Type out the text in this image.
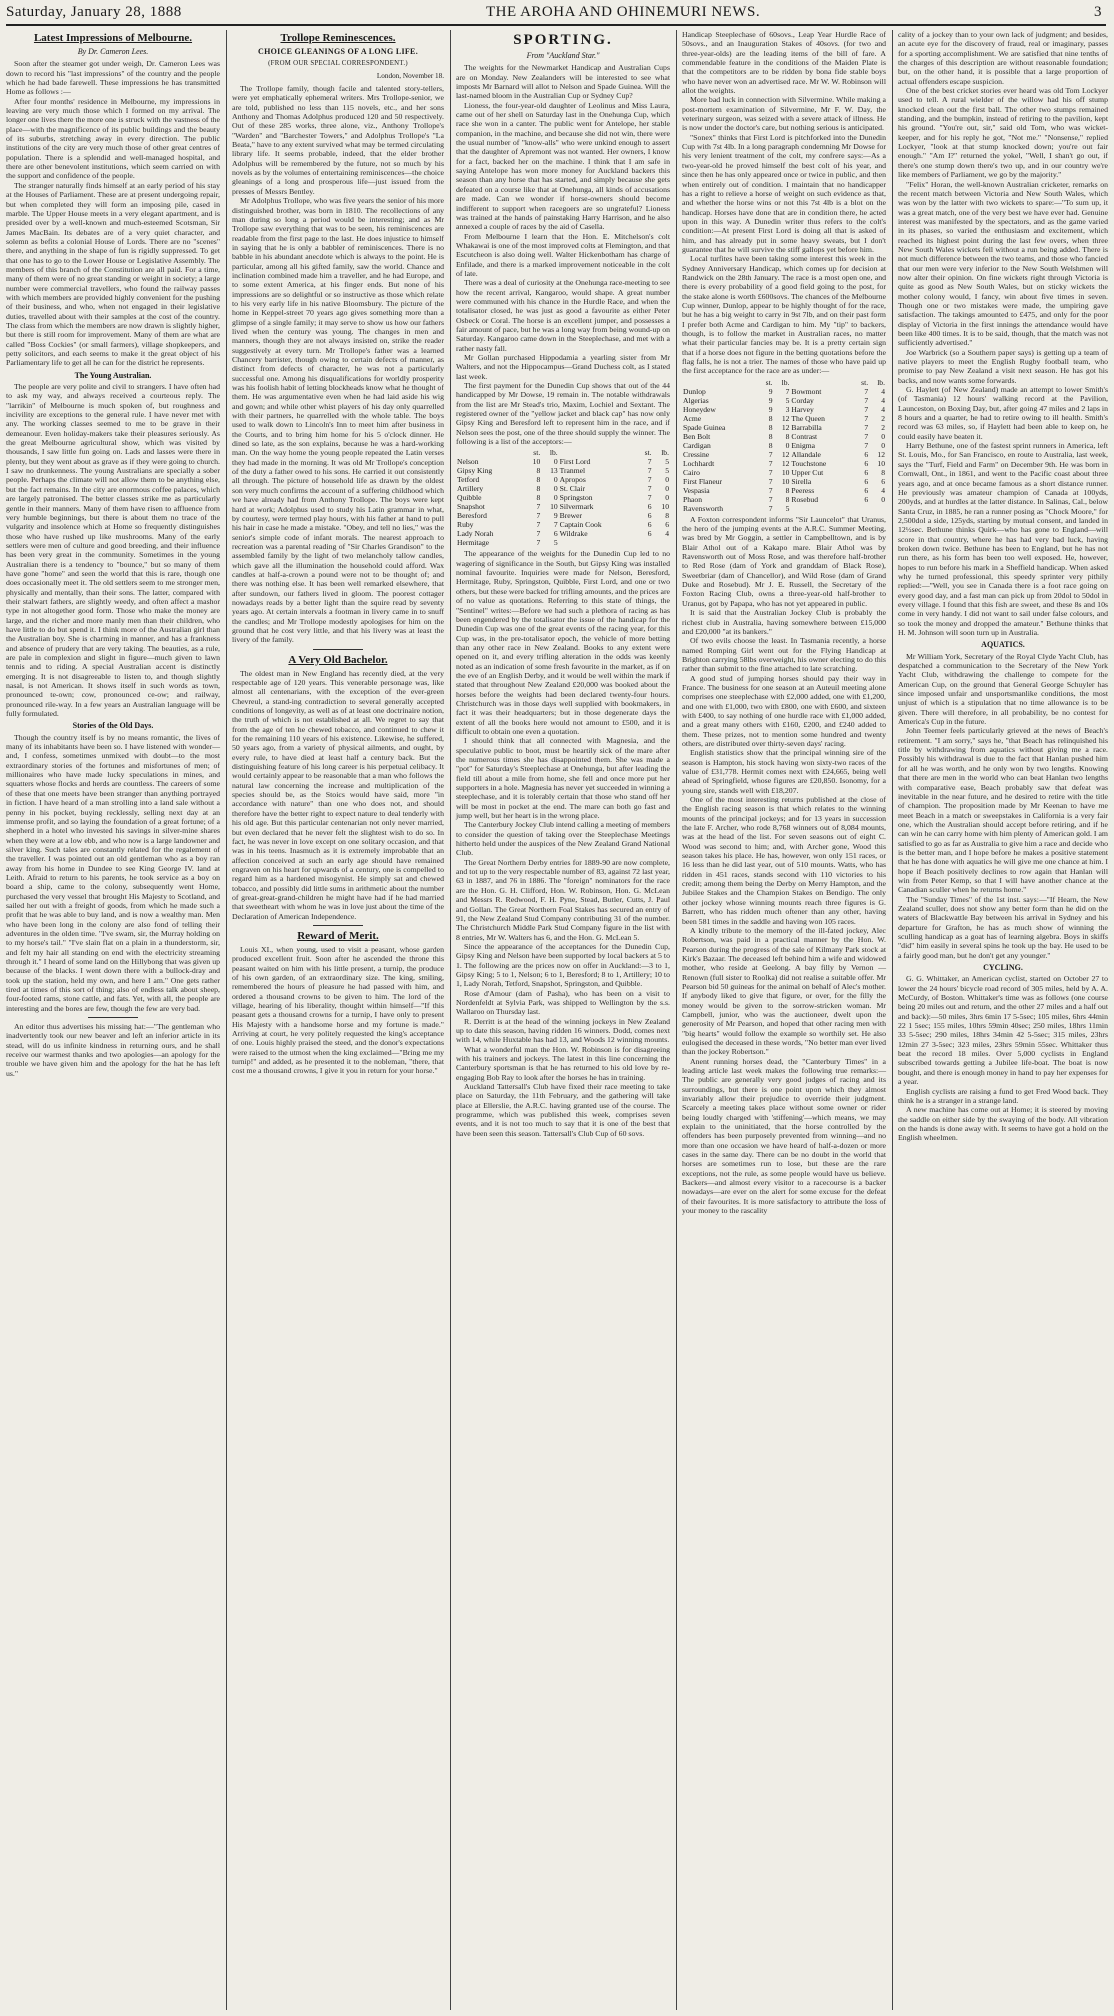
Saturday, January 28, 1888	THE AROHA AND OHINEMURI NEWS.	3
Latest Impressions of Melbourne.
By Dr. Cameron Lees.

Soon after the steamer got under weigh, Dr. Cameron Lees was down to record his "last impressions" of the country and the people which he had bade farewell. These impressions he has transmitted Home as follows :—

After four months' residence in Melbourne, my impressions in leaving are very much those which I formed on my arrival. The longer one lives there the more one is struck with the vastness of the place—with the magnificence of its public buildings and the beauty of its suburbs, stretching away in every direction. The public institutions of the city are very much those of other great centres of population. There is a splendid and well-managed hospital, and there are other benevolent institutions, which seem carried on with the support and confidence of the people.

The stranger naturally finds himself at an early period of his stay at the Houses of Parliament. These are at present undergoing repair, but when completed they will form an imposing pile, cased in marble. The Upper House meets in a very elegant apartment, and is presided over by a well-known and much-esteemed Scotsman, Sir James MacBain. Its debates are of a very quiet character, and solemn as befits a colonial House of Lords. There are no "scenes" there, and anything in the shape of fun is rigidly suppressed. To get that one has to go to the Lower House or Legislative Assembly. The members of this branch of the Constitution are all paid. For a time, many of them were of no great standing or weight in society; a large number were commercial travellers, who found the railway passes with which members are provided highly convenient for the pushing of their business, and who, when not engaged in their legislative duties, travelled about with their samples at the cost of the country. The class from which the members are now drawn is slightly higher, but there is still room for improvement. Many of them are what are called "Boss Cockies" (or small farmers), village shopkeepers, and petty solicitors, and each seems to make it the great object of his Parliamentary life to get all he can for the district he represents.

The Young Australian.

The people are very polite and civil to strangers. I have often had to ask my way, and always received a courteous reply. The "larrikin" of Melbourne is much spoken of, but roughness and incivility are exceptions to the general rule. I have never met with any. The working classes seemed to me to be grave in their demeanour. Even holiday-makers take their pleasures seriously. As the great Melbourne agricultural show, which was visited by thousands, I saw little fun going on. Lads and lasses were there in plenty, but they went about as grave as if they were going to church. I saw no drunkenness. The young Australians are specially a sober people. Perhaps the climate will not allow them to be anything else, but the fact remains. In the city are enormous coffee palaces, which are largely patronised. The better classes strike me as particularly gentle in their manners. Many of them have risen to affluence from very humble beginnings, but there is about them no trace of the vulgarity and insolence which at Home so frequently distinguishes those who have rushed up like mushrooms. Many of the early settlers were men of culture and good breeding, and their influence has been very great in the community. Sometimes in the young Australian there is a tendency to "bounce," but so many of them have gone "home" and seen the world that this is rare, though one does occasionally meet it. The old settlers seem to me stronger men, physically and mentally, than their sons. The latter, compared with their stalwart fathers, are slightly weedy, and often affect a mashor type in not altogether good form. Those who make the money are large, and the richer and more manly men than their children, who have little to do but spend it. I think more of the Australian girl than the Australian boy. She is charming in manner, and has a frankness and absence of prudery that are very taking. The beauties, as a rule, are pale in complexion and slight in figure—much given to lawn tennis and to riding. A special Australian accent is distinctly emerging. It is not disagreeable to listen to, and though slightly nasal, is not American. It shows itself in such words as town, pronounced te-own; cow, pronounced ce-ow; and railway, pronounced rile-way. In a few years an Australian language will be fully formulated.

Stories of the Old Days.

Though the country itself is by no means romantic, the lives of many of its inhabitants have been so. I have listened with wonder—and, I confess, sometimes unmixed with doubt—to the most extraordinary stories of the fortunes and misfortunes of men; of millionaires who have made lucky speculations in mines, and squatters whose flocks and herds are countless. The careers of some of these that one meets have been stranger than anything portrayed in fiction. I have heard of a man strolling into a land sale without a penny in his pocket, buying recklessly, selling next day at an immense profit, and so laying the foundation of a great fortune; of a shepherd in a hotel who invested his savings in silver-mine shares when they were at a low ebb, and who now is a large landowner and silver king. Such tales are constantly related for the regalement of the traveller. I was pointed out an old gentleman who as a boy ran away from his home in Dundee to see King George IV. land at Leith. Afraid to return to his parents, he took service as a boy on board a ship, came to the colony, subsequently went Home, purchased the very vessel that brought His Majesty to Scotland, and sailed her out with a freight of goods, from which he made such a profit that he was able to buy land, and is now a wealthy man. Men who have been long in the colony are also fond of telling their adventures in the olden time. "I've swam, sir, the Murray holding on to my horse's tail." "I've slain flat on a plain in a thunderstorm, sir, and felt my hair all standing on end with the electricity streaming through it." I heard of some land on the Hillybong that was given up because of the blacks. I went down there with a bullock-dray and took up the station, held my own, and here I am." One gets rather tired at times of this sort of thing; also of endless talk about sheep, four-footed rams, stone cattle, and fats. Yet, with all, the people are interesting and the bores are few, though the few are very bad.

An editor thus advertises his missing hat:—"The gentleman who inadvertently took our new beaver and left an inferior article in its stead, will do us infinite kindness in returning ours, and he shall receive our warmest thanks and two apologies—an apology for the trouble we have given him and the apology for the hat he has left us."

Trollope Reminescences.
CHOICE GLEANINGS OF A LONG LIFE.
(FROM OUR SPECIAL CORRESPONDENT.)
London, November 18.

The Trollope family, though facile and talented story-tellers, were yet emphatically ephemeral writers. Mrs Trollope-senior, we are told, published no less than 115 novels, etc., and her sons Anthony and Thomas Adolphus produced 120 and 50 respectively. Out of these 285 works, three alone, viz., Anthony Trollope's "Warden" and "Barchester Towers," and Adolphus Trollope's "La Beata," have to any extent survived what may be termed circulating library life. It seems probable, indeed, that the elder brother Adolphus will be remembered by the future, not so much by his novels as by the volumes of entertaining reminiscences—the choice gleanings of a long and prosperous life—just issued from the presses of Messrs Bentley.

Mr Adolphus Trollope, who was five years the senior of his more distinguished brother, was born in 1810. The recollections of any man during so long a period would be interesting; and as Mr Trollope saw everything that was to be seen, his reminiscences are readable from the first page to the last. He does injustice to himself in saying that he is only a babbler of reminiscences. There is no babble in his abundant anecdote which is always to the point. He is particular, among all his gifted family, saw the world. Chance and inclination combined made him a traveller, and he had Europe, and to some extent America, at his finger ends. But none of his impressions are so delightful or so instructive as those which relate to his very early life in his native Bloomsbury. The picture of the home in Keppel-street 70 years ago gives something more than a glimpse of a single family; it may serve to show us how our fathers lived when the century was young. The changes in men and manners, though they are not always insisted on, strike the reader suggestively at every turn. Mr Trollope's father was a learned Chancery barrister, though owing to certain defects of manner, as distinct from defects of character, he was not a particularly successful one. Among his disqualifications for worldly prosperity was his foolish habit of letting blockheads know what he thought of them. He was argumentative even when he had laid aside his wig and gown; and while other whist players of his day only quarrelled with their partners, he quarrelled with the whole table. The boys used to walk down to Lincoln's Inn to meet him after business in the Courts, and to bring him home for his 5 o'clock dinner. He dined so late, as the son explains, because he was a hard-working man. On the way home the young people repeated the Latin verses they had made in the morning. It was old Mr Trollope's conception of the duty a father owed to his sons. He carried it out consistently all through. The picture of household life as drawn by the oldest son very much confirms the account of a suffering childhood which we have already had from Anthony Trollope. The boys were kept hard at work; Adolphus used to study his Latin grammar in what, by courtesy, were termed play hours, with his father at hand to pull his hair in case he made a mistake. "Obey, and tell no lies," was the senior's simple code of infant morals. The nearest approach to recreation was a parental reading of "Sir Charles Grandison" to the assembled family by the light of two melancholy tallow candles, which gave all the illumination the household could afford. Wax candles at half-a-crown a pound were not to be thought of; and there was nothing else. It has been well remarked elsewhere, that after sundown, our fathers lived in gloom. The poorest cottager nowadays reads by a better light than the squire read by seventy years ago. At certain intervals a footman in livery came in to snuff the candles; and Mr Trollope modestly apologises for him on the ground that he cost very little, and that his livery was at least the livery of the family.

A Very Old Bachelor.

The oldest man in New England has recently died, at the very respectable age of 120 years. This venerable personage was, like almost all centenarians, with the exception of the ever-green Chevreul, a stand-ing contradiction to several generally accepted conditions of longevity, as well as of at least one doctrinaire notion, the truth of which is not established at all. We regret to say that from the age of ten he chewed tobacco, and continued to chew it for the remaining 110 years of his existence. Likewise, he suffered, 50 years ago, from a variety of physical ailments, and ought, by every rule, to have died at least half a century back. But the distinguishing feature of his long career is his perpetual celibacy. It would certainly appear to be reasonable that a man who follows the natural law concerning the increase and multiplication of the species should be, as the Stoics would have said, more "in accordance with nature" than one who does not, and should therefore have the better right to expect nature to deal tenderly with his old age. But this particular centenarian not only never married, but even declared that he never felt the slightest wish to do so. In fact, he was never in love except on one solitary occasion, and that was in his teens. Inasmuch as it is extremely improbable that an affection conceived at such an early age should have remained engraven on his heart for upwards of a century, one is compelled to regard him as a hardened misogynist. He simply sat and chewed tobacco, and possibly did little sums in arithmetic about the number of great-great-grand-children he might have had if he had married that sweetheart with whom he was in love just about the time of the Declaration of American Independence.

Reward of Merit.

Louis XI., when young, used to visit a peasant, whose garden produced excellent fruit. Soon after he ascended the throne this peasant waited on him with his little present, a turnip, the produce of his own garden, of an extraordinary size. The king, smiling, remembered the hours of pleasure he had passed with him, and ordered a thousand crowns to be given to him. The lord of the village, hearing of his liberality, thought within himself—"If this peasant gets a thousand crowns for a turnip, I have only to present His Majesty with a handsome horse and my fortune is made." Arriving at court, he very politely requested the king's acceptance of one. Louis highly praised the steed, and the donor's expectations were raised to the utmost when the king exclaimed—"Bring me my turnip!" and added, as he presented it to the nobleman, "there, that cost me a thousand crowns, I give it you in return for your horse."

SPORTING.
From "Auckland Star."

The weights for the Newmarket Handicap and Australian Cups are on Monday. New Zealanders will be interested to see what imposts Mr Barnard will allot to Nelson and Spade Guinea. Will the last-named bloom in the Australian Cup or Sydney Cup?

Lioness, the four-year-old daughter of Leolinus and Miss Laura, came out of her shell on Saturday last in the Onehunga Cup, which race she won in a canter. The public went for Antelope, her stable companion, in the machine, and because she did not win, there were the usual number of "know-alls" who were unkind enough to assert that the daughter of Apremont was not wanted. Her owners, I know for a fact, backed her on the machine. I think that I am safe in saying Antelope has won more money for Auckland backers this season than any horse that has started, and simply because she gets defeated on a course like that at Onehunga, all kinds of accusations are made. Can we wonder if horse-owners should become indifferent to support when racegoers are so ungrateful? Lioness was trained at the hands of painstaking Harry Harrison, and he also annexed a couple of races by the aid of Casella.

From Melbourne I learn that the Hon. E. Mitchelson's colt Whakawai is one of the most improved colts at Flemington, and that Escutcheon is also doing well. Walter Hickenbotham has charge of Enfilade, and there is a marked improvement noticeable in the colt of late.

There was a deal of curiosity at the Onehunga race-meeting to see how the recent arrival, Kangaroo, would shape. A great number were communed with his chance in the Hurdle Race, and when the totalisator closed, he was just as good a favourite as either Peter Osbeck or Coral. The horse is an excellent jumper, and possesses a fair amount of pace, but he was a long way from being wound-up on Saturday. Kangaroo came down in the Steeplechase, and met with a rather nasty fall.

Mr Gollan purchased Hippodamia a yearling sister from Mr Walters, and not the Hippocampus—Grand Duchess colt, as I stated last week.

The first payment for the Dunedin Cup shows that out of the 44 handicapped by Mr Dowse, 19 remain in. The notable withdrawals from the list are Mr Stead's trio, Maxim, Lochiel and Sextant. The registered owner of the "yellow jacket and black cap" has now only Gipsy King and Beresford left to represent him in the race, and if Nelson sees the post, one of the three should supply the winner. The following is a list of the acceptors:—

	st.	lb.		st.	lb.
Nelson	10	0	First Lord	7	5
Gipsy King	8	13	Tranmel	7	5
Tetford	8	0	Apropos	7	0
Artillery	8	0	St. Clair	7	0
Quibble	8	0	Springston	7	0
Snapshot	7	10	Silvermark	6	10
Beresford	7	9	Brewer	6	8
Ruby	7	7	Captain Cook	6	6
Lady Norah	7	6	Wildrake	6	4
Hermitage	7	5			

The appearance of the weights for the Dunedin Cup led to no wagering of significance in the South, but Gipsy King was installed nominal favourite. Inquiries were made for Nelson, Beresford, Hermitage, Ruby, Springston, Quibble, First Lord, and one or two others, but these were backed for trifling amounts, and the prices are of no value as quotations. Referring to this state of things, the "Sentinel" writes:—Before we had such a plethora of racing as has been engendered by the totalisator the issue of the handicap for the Dunedin Cup was one of the great events of the racing year, for this Cup was, in the pre-totalisator epoch, the vehicle of more betting than any other race in New Zealand. Books to any extent were opened on it, and every trifling alteration in the odds was keenly noted as an indication of some fresh favourite in the market, as if on the eve of an English Derby, and it would be well within the mark if stated that throughout New Zealand £20,000 was booked about the horses before the weights had been declared twenty-four hours. Christchurch was in those days well supplied with bookmakers, in fact it was their headquarters; but in those degenerate days the extent of all the books here would not amount to £500, and it is difficult to obtain one even a quotation.

I should think that all connected with Magnesia, and the speculative public to boot, must be heartily sick of the mare after the numerous times she has disappointed them. She was made a "pot" for Saturday's Steeplechase at Onehunga, but after leading the field till about a mile from home, she fell and once more put her supporters in a hole. Magnesia has never yet succeeded in winning a steeplechase, and it is tolerably certain that those who stand off her will be most in pocket at the end. The mare can both go fast and jump well, but her heart is in the wrong place.

The Canterbury Jockey Club intend calling a meeting of members to consider the question of taking over the Steeplechase Meetings hitherto held under the auspices of the New Zealand Grand National Club.

The Great Northern Derby entries for 1889-90 are now complete, and tot up to the very respectable number of 83, against 72 last year, 63 in 1887, and 76 in 1886. The "foreign" nominators for the race are the Hon. G. H. Clifford, Hon. W. Robinson, Hon. G. McLean and Messrs R. Redwood, F. H. Pyne, Stead, Butler, Cutts, J. Paul and Gollan. The Great Northern Foal Stakes has secured an entry of 91, the New Zealand Stud Company contributing 31 of the number. The Christchurch Middle Park Stud Company figure in the list with 8 entries, Mr W. Walters has 6, and the Hon. G. McLean 5.

Since the appearance of the acceptances for the Dunedin Cup, Gipsy King and Nelson have been supported by local backers at 5 to 1. The following are the prices now on offer in Auckland:—3 to 1, Gipsy King; 5 to 1, Nelson; 6 to 1, Beresford; 8 to 1, Artillery; 10 to 1, Lady Norah, Tetford, Snapshot, Springston, and Quibble.

Rose d'Amour (dam of Pasha), who has been on a visit to Nordenfeldt at Sylvia Park, was shipped to Wellington by the s.s. Wallaroo on Thursday last.

R. Derritt is at the head of the winning jockeys in New Zealand up to date this season, having ridden 16 winners. Dodd, comes next with 14, while Huxtable has had 13, and Woods 12 winning mounts.

What a wonderful man the Hon. W. Robinson is for disagreeing with his trainers and jockeys. The latest in this line concerning the Canterbury sportsman is that he has returned to his old love by re-engaging Bob Ray to look after the horses he has in training.

Auckland Tattersall's Club have fixed their race meeting to take place on Saturday, the 11th February, and the gathering will take place at Ellerslie, the A.R.C. having granted use of the course. The programme, which was published this week, comprises seven events, and it is not too much to say that it is one of the best that have been seen this season. Tattersall's Club Cup of 60 sovs.

Handicap Steeplechase of 60sovs., Leap Year Hurdle Race of 50sovs., and an Inauguration Stakes of 40sovs. (for two and three-year-olds) are the leading items of the bill of fare. A commendable feature in the conditions of the Maiden Plate is that the competitors are to be ridden by bona fide stable boys who have never won an advertised race. Mr W. W. Robinson will allot the weights.

More bad luck in connection with Silvermine. While making a post-mortem examination of Silvermine, Mr F. W. Day, the veterinary surgeon, was seized with a severe attack of illness. He is now under the doctor's care, but nothing serious is anticipated.

"Sonex" thinks that First Lord is pitchforked into the Dunedin Cup with 7st 4lb. In a long paragraph condemning Mr Dowse for his very lenient treatment of the colt, my confrere says:—As a two-year-old he proved himself the best colt of his year, and since then he has only appeared once or twice in public, and then when entirely out of condition. I maintain that no handicapper has a right to relieve a horse of weight on such evidence as that, and whether the horse wins or not this 7st 4lb is a blot on the handicap. Horses have done that are in condition there, he acted upon in this way. A Dunedin writer thus refers to the colt's condition:—At present First Lord is doing all that is asked of him, and has already put in some heavy sweats, but I don't guarantee that he will survive the stiff gallops yet before him.

Local turfites have been taking some interest this week in the Sydney Anniversary Handicap, which comes up for decision at Randwick on the 28th January. The race is a most open one, and there is every probability of a good field going to the post, for the stake alone is worth £600sovs. The chances of the Melbourne Cup winner, Dunlop, appear to be highly thought of for the race, but he has a big weight to carry in 9st 7lb, and on their past form I prefer both Acme and Cardigan to him. My "tip" to backers, though, is to follow the market in Australian races, no matter what their particular fancies may be. It is a pretty certain sign that if a horse does not figure in the betting quotations before the flag falls, he is not a trier. The names of those who have paid up the first acceptance for the race are as under:—

	st.	lb.		st.	lb.
Dunlop	9	7	Bowmont	7	4
Algerias	9	5	Corday	7	4
Honeydew	9	3	Harvey	7	4
Acme	8	12	The Queen	7	2
Spade Guinea	8	12	Barrabilla	7	2
Ben Bolt	8	8	Contrast	7	0
Cardigan	8	0	Enigma	7	0
Cressine	7	12	Allandale	6	12
Lochhardt	7	12	Touchstone	6	10
Cairo	7	10	Upper Cut	6	8
First Flaneur	7	10	Sirella	6	6
Vespasia	7	8	Peeress	6	4
Phaon	7	8	Rosebud	6	0
Ravensworth	7	5			

A Foxton correspondent informs "Sir Launcelot" that Uranus, the hero of the jumping events at the A.R.C. Summer Meeting, was bred by Mr Goggin, a settler in Campbelltown, and is by Blair Athol out of a Kakapo mare. Blair Athol was by Ravensworth out of Moss Rose, and was therefore half-brother to Red Rose (dam of York and granddam of Black Rose), Sweetbriar (dam of Chancellor), and Wild Rose (dam of Grand Duke and Rosebud). Mr J. E. Russell, the Secretary of the Foxton Racing Club, owns a three-year-old half-brother to Uranus, got by Papapa, who has not yet appeared in public.

It is said that the Australian Jockey Club is probably the richest club in Australia, having somewhere between £15,000 and £20,000 "at its bankers."

Of two evils choose the least. In Tasmania recently, a horse named Romping Girl went out for the Flying Handicap at Brighton carrying 58lbs overweight, his owner electing to do this rather than submit to the fine attached to late scratching.

A good stud of jumping horses should pay their way in France. The business for one season at an Auteuil meeting alone comprises one steeplechase with £2,000 added, one with £1,200, and one with £1,000, two with £800, one with £600, and sixteen with £400, to say nothing of one hurdle race with £1,000 added, and a great many others with £160, £200, and £240 added to them. These prizes, not to mention some hundred and twenty others, are distributed over thirty-seven days' racing.

English statistics show that the principal winning sire of the season is Hampton, his stock having won sixty-two races of the value of £31,778. Hermit comes next with £24,665, being well ahead of Springfield, whose figures are £20,850. Isonomy, for a young sire, stands well with £18,207.

One of the most interesting returns published at the close of the English racing season is that which relates to the winning mounts of the principal jockeys; and for 13 years in succession the late F. Archer, who rode 8,768 winners out of 8,084 mounts, was at the head of the list. For seven seasons out of eight C. Wood was second to him; and, with Archer gone, Wood this season takes his place. He has, however, won only 151 races, or 16 less than he did last year, out of 510 mounts. Watts, who has ridden in 451 races, stands second with 110 victories to his credit; among them being the Derby on Merry Hampton, and the Jubilee Stakes and the Champion Stakes on Bendigo. The only other jockey whose winning mounts reach three figures is G. Barrett, who has ridden much oftener than any other, having been 581 times in the saddle and having won 105 races.

A kindly tribute to the memory of the ill-fated jockey, Alec Robertson, was paid in a practical manner by the Hon. W. Pearson during the progress of the sale of Kilmany Park stock at Kirk's Bazaar. The deceased left behind him a wife and widowed mother, who reside at Geelong. A bay filly by Vernon — Renown (full sister to Roolka) did not realise a suitable offer. Mr Pearson bid 50 guineas for the animal on behalf of Alec's mother. If anybody liked to give that figure, or over, for the filly the money would be given to the sorrow-stricken woman. Mr Campbell, junior, who was the auctioneer, dwelt upon the generosity of Mr Pearson, and hoped that other racing men with "big hearts" would follow the example so worthily set. He also eulogised the deceased in these words, "No better man ever lived than the jockey Robertson."

Anent running horses dead, the "Canterbury Times" in a leading article last week makes the following true remarks:—The public are generally very good judges of racing and its surroundings, but there is one point upon which they almost invariably allow their prejudice to override their judgment. Scarcely a meeting takes place without some owner or rider being loudly charged with 'stiffening'—which means, we may explain to the uninitiated, that the horse controlled by the offenders has been purposely prevented from winning—and no more than one occasion we have heard of half-a-dozen or more cases in the same day. There can be no doubt in the world that horses are sometimes run to lose, but these are the rare exceptions, not the rule, as some people would have us believe. Backers—and almost every visitor to a racecourse is a backer nowadays—are ever on the alert for some excuse for the defeat of their favourites. It is more satisfactory to attribute the loss of your money to the rascality

cality of a jockey than to your own lack of judgment; and besides, an acute eye for the discovery of fraud, real or imaginary, passes for a sporting accomplishment. We are satisfied that nine tenths of the charges of this description are without reasonable foundation; but, on the other hand, it is possible that a large proportion of actual offenders escape suspicion.

One of the best cricket stories ever heard was old Tom Lockyer used to tell. A rural wielder of the willow had his off stump knocked clean out the first ball. The other two stumps remained standing, and the bumpkin, instead of retiring to the pavilion, kept his ground. "You're out, sir," said old Tom, who was wicket-keeper, and for his reply he got, "Not me." "Nonsense," replied Lockyer, "look at that stump knocked down; you're out fair enough." "Am I?" returned the yokel, "Well, I shan't go out, if there's one stump down there's two up, and in our country we're like members of Parliament, we go by the majority."

"Felix" Horan, the well-known Australian cricketer, remarks on the recent match between Victoria and New South Wales, which was won by the latter with two wickets to spare:—"To sum up, it was a great match, one of the very best we have ever had. Genuine interest was manifested by the spectators, and as the game varied in its phases, so varied the enthusiasm and excitement, which reached its highest point during the last few overs, when three New South Wales wickets fell without a run being added. There is not much difference between the two teams, and those who fancied that our men were very inferior to the New South Welshmen will now alter their opinion. On fine wickets right through Victoria is quite as good as New South Wales, but on sticky wickets the mother colony would, I fancy, win about five times in seven. Though one or two mistakes were made, the umpiring gave satisfaction. The takings amounted to £475, and only for the poor display of Victoria in the first innings the attendance would have been like 400 times. It is to be said, though, that the match was not sufficiently advertised."

Joe Warbrick (so a Southern paper says) is getting up a team of native players to meet the English Rugby football team, who promise to pay New Zealand a visit next season. He has got his backs, and now wants some forwards.

G. Haylett (of New Zealand) made an attempt to lower Smith's (of Tasmania) 12 hours' walking record at the Pavilion, Launceston, on Boxing Day, but, after going 47 miles and 2 laps in 8 hours and a quarter, he had to retire owing to ill health. Smith's record was 63 miles, so, if Haylett had been able to keep on, he could easily have beaten it.

Harry Bethune, one of the fastest sprint runners in America, left St. Louis, Mo., for San Francisco, en route to Australia, last week, says the "Turf, Field and Farm" on December 9th. He was born in Cornwall, Ont., in 1861, and went to the Pacific coast about three years ago, and at once became famous as a short distance runner. He previously was amateur champion of Canada at 100yds, 200yds, and at hurdles at the latter distance. In Salinas, Cal., below Santa Cruz, in 1885, he ran a runner posing as "Chock Moore," for 2,500dol a side, 125yds, starting by mutual consent, and landed in 12½sec. Bethune thinks Quirk—who has gone to England—will score in that country, where he has had very bad luck, having broken down twice. Bethune has been to England, but he has not run there, as his form has been too well exposed. He, however, hopes to run before his mark in a Sheffield handicap. When asked why he turned professional, this speedy sprinter very pithily replied:—"Well, you see in Canada there is a foot race going on every good day, and a fast man can pick up from 20dol to 50dol in every village. I found that this fish are sweet, and these 8s and 10s come in very handy. I did not want to sail under false colours, and so took the money and dropped the amateur." Bethune thinks that H. M. Johnson will soon turn up in Australia.

AQUATICS.

Mr William York, Secretary of the Royal Clyde Yacht Club, has despatched a communication to the Secretary of the New York Yacht Club, withdrawing the challenge to compete for the American Cup, on the ground that General George Schuyler has since imposed unfair and unsportsmanlike conditions, the most unjust of which is a stipulation that no time allowance is to be given. There will therefore, in all probability, be no contest for America's Cup in the future.

John Teemer feels particularly grieved at the news of Beach's retirement. "I am sorry," says he, "that Beach has relinquished his title by withdrawing from aquatics without giving me a race. Possibly his withdrawal is due to the fact that Hanlan pushed him for all he was worth, and he only won by two lengths. Knowing that there are men in the world who can beat Hanlan two lengths with comparative ease, Beach probably saw that defeat was inevitable in the near future, and he desired to retire with the title of champion. The proposition made by Mr Keenan to have me meet Beach in a match or sweepstakes in California is a very fair one, which the Australian should accept before retiring, and if he can win he can carry home with him plenty of American gold. I am satisfied to go as far as Australia to give him a race and decide who is the better man, and I hope before he makes a positive statement that he has done with aquatics he will give me one chance at him. I hope if Beach positively declines to row again that Hanlan will win from Peter Kemp, so that I will have another chance at the Canadian sculler when he returns home."

The "Sunday Times" of the 1st inst. says:—"If Hearn, the New Zealand sculler, does not show any better form than he did on the waters of Blackwattle Bay between his arrival in Sydney and his departure for Grafton, he has as much show of winning the sculling handicap as a goat has of learning algebra. Boys in skiffs "did" him easily in several spins he took up the bay. He used to be a fairly good man, but he don't get any younger."

CYCLING.

G. G. Whittaker, an American cyclist, started on October 27 to lower the 24 hours' bicycle road record of 305 miles, held by A. A. McCurdy, of Boston. Whittaker's time was as follows (one course being 20 miles out and return, and the other 27 miles and a half out and back):—50 miles, 3hrs 6min 17 5-5sec; 105 miles, 6hrs 44min 22 1 5sec; 155 miles, 10hrs 59min 40sec; 250 miles, 18hrs 11min 33 5-5sec; 290 miles, 18hrs 34min 42 5-5sec; 315 miles, 23hrs 12min 27 3-5sec; 323 miles, 23hrs 59min 55sec. Whittaker thus beat the record 18 miles. Over 5,000 cyclists in England subscribed towards getting a Jubilee life-boat. The boat is now bought, and there is enough money in hand to pay her expenses for a year.

English cyclists are raising a fund to get Fred Wood back. They think he is a stranger in a strange land.

A new machine has come out at Home; it is steered by moving the saddle on either side by the swaying of the body. All vibration on the hands is done away with. It seems to have got a hold on the English wheelmen.
